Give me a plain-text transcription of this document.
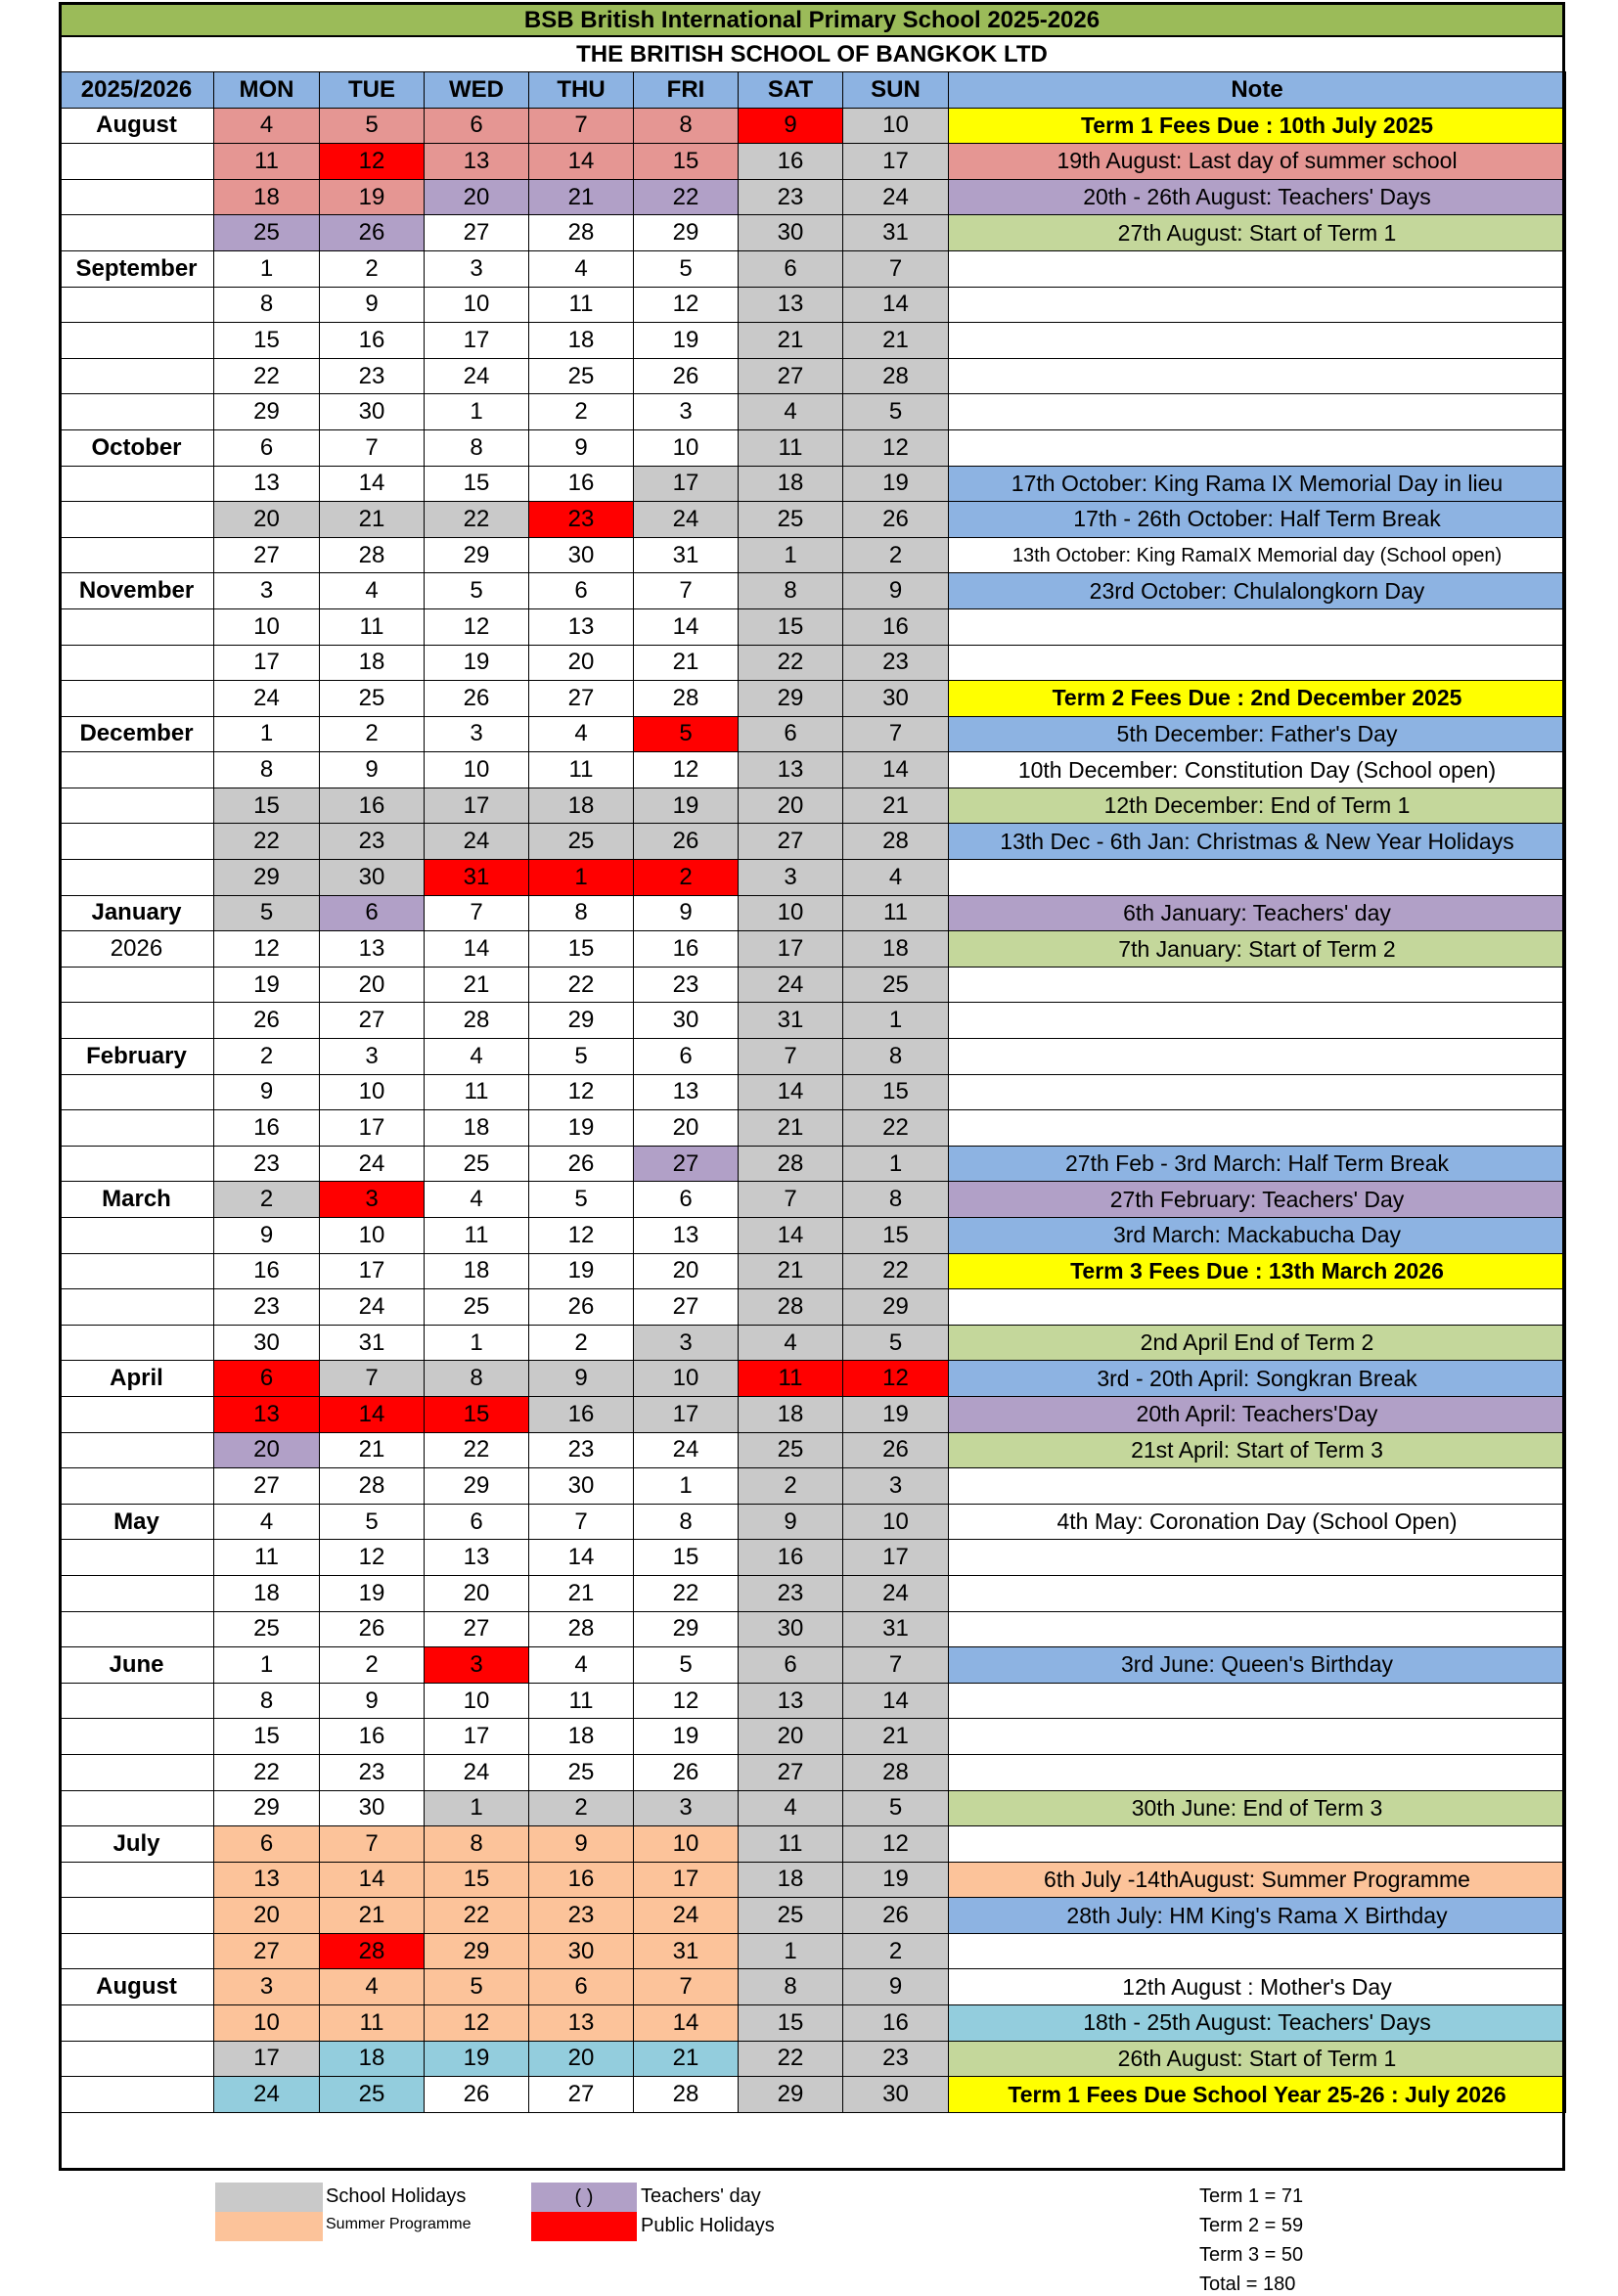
BSB British International Primary School 2025-2026
THE BRITISH SCHOOL OF BANGKOK LTD

2025/2026	MON	TUE	WED	THU	FRI	SAT	SUN	Note
August	4	5	6	7	8	9	10	Term 1 Fees Due : 10th July 2025
	11	12	13	14	15	16	17	19th August: Last day of summer school
	18	19	20	21	22	23	24	20th - 26th August: Teachers' Days
	25	26	27	28	29	30	31	27th August: Start of Term 1
September	1	2	3	4	5	6	7	
	8	9	10	11	12	13	14	
	15	16	17	18	19	21	21	
	22	23	24	25	26	27	28	
	29	30	1	2	3	4	5	
October	6	7	8	9	10	11	12	
	13	14	15	16	17	18	19	17th October: King Rama IX Memorial Day in lieu
	20	21	22	23	24	25	26	17th - 26th October: Half Term Break
	27	28	29	30	31	1	2	13th October: King RamaIX Memorial day (School open)
November	3	4	5	6	7	8	9	23rd October: Chulalongkorn Day
	10	11	12	13	14	15	16	
	17	18	19	20	21	22	23	
	24	25	26	27	28	29	30	Term 2 Fees Due : 2nd December 2025
December	1	2	3	4	5	6	7	5th December: Father's Day
	8	9	10	11	12	13	14	10th December: Constitution Day (School open)
	15	16	17	18	19	20	21	12th December: End of Term 1
	22	23	24	25	26	27	28	13th Dec - 6th Jan: Christmas & New Year Holidays
	29	30	31	1	2	3	4	
January	5	6	7	8	9	10	11	6th January: Teachers' day
2026	12	13	14	15	16	17	18	7th January: Start of Term 2
	19	20	21	22	23	24	25	
	26	27	28	29	30	31	1	
February	2	3	4	5	6	7	8	
	9	10	11	12	13	14	15	
	16	17	18	19	20	21	22	
	23	24	25	26	27	28	1	27th Feb - 3rd March: Half Term Break
March	2	3	4	5	6	7	8	27th February: Teachers' Day
	9	10	11	12	13	14	15	3rd March: Mackabucha Day
	16	17	18	19	20	21	22	Term 3 Fees Due : 13th March 2026
	23	24	25	26	27	28	29	
	30	31	1	2	3	4	5	2nd April End of Term 2
April	6	7	8	9	10	11	12	3rd - 20th April: Songkran Break
	13	14	15	16	17	18	19	20th April: Teachers'Day
	20	21	22	23	24	25	26	21st April: Start of Term 3
	27	28	29	30	1	2	3	
May	4	5	6	7	8	9	10	4th May: Coronation Day (School Open)
	11	12	13	14	15	16	17	
	18	19	20	21	22	23	24	
	25	26	27	28	29	30	31	
June	1	2	3	4	5	6	7	3rd June: Queen's Birthday
	8	9	10	11	12	13	14	
	15	16	17	18	19	20	21	
	22	23	24	25	26	27	28	
	29	30	1	2	3	4	5	30th June: End of Term 3
July	6	7	8	9	10	11	12	
	13	14	15	16	17	18	19	6th July -14thAugust: Summer Programme
	20	21	22	23	24	25	26	28th July: HM King's Rama X Birthday
	27	28	29	30	31	1	2	
August	3	4	5	6	7	8	9	12th August : Mother's Day
	10	11	12	13	14	15	16	18th - 25th August: Teachers' Days
	17	18	19	20	21	22	23	26th August: Start of Term 1
	24	25	26	27	28	29	30	Term 1 Fees Due School Year 25-26 : July 2026
School Holidays
Summer Programme
( )	Teachers' day
Public Holidays
Term 1 = 71
Term 2 = 59
Term 3 = 50
Total = 180
